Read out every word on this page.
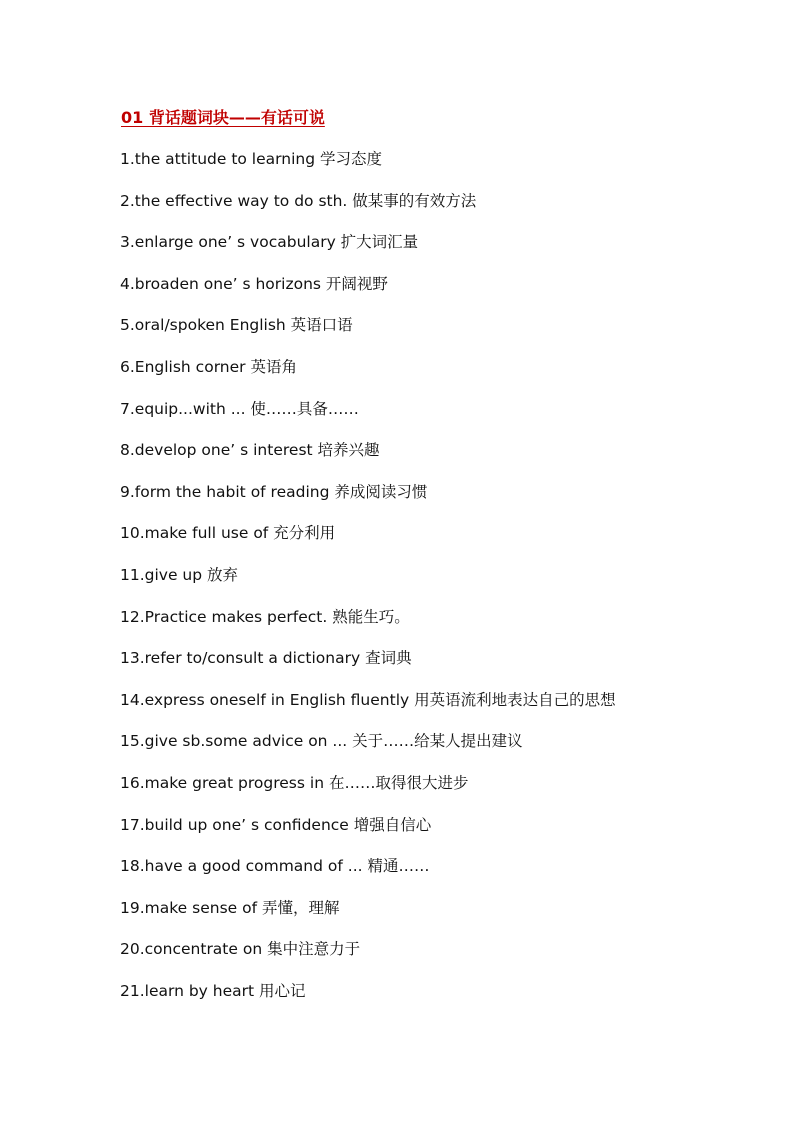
01 背话题词块——有话可说
1.the attitude to learning 学习态度
2.the effective way to do sth. 做某事的有效方法
3.enlarge one’ s vocabulary 扩大词汇量
4.broaden one’ s horizons 开阔视野
5.oral/spoken English 英语口语
6.English corner 英语角
7.equip...with ... 使……具备……
8.develop one’ s interest 培养兴趣
9.form the habit of reading 养成阅读习惯
10.make full use of 充分利用
11.give up 放弃
12.Practice makes perfect. 熟能生巧。
13.refer to/consult a dictionary 查词典
14.express oneself in English fluently 用英语流利地表达自己的思想
15.give sb.some advice on ... 关于……给某人提出建议
16.make great progress in 在……取得很大进步
17.build up one’ s confidence 增强自信心
18.have a good command of ... 精通……
19.make sense of 弄懂，理解
20.concentrate on 集中注意力于
21.learn by heart 用心记
